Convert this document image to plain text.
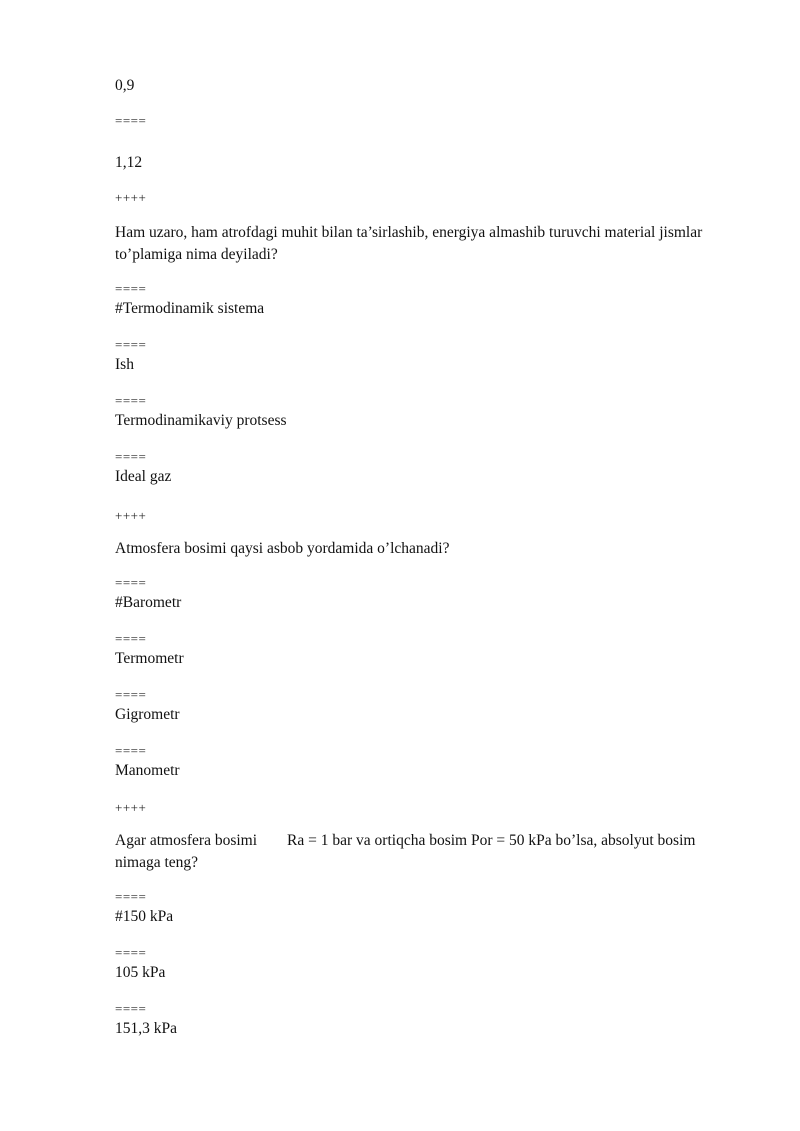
0,9

====

1,12

++++

Ham uzaro, ham atrofdagi muhit bilan ta’sirlashib, energiya almashib turuvchi material jismlar

to’plamiga nima deyiladi?

====

#Termodinamik sistema

====

Ish

====

Termodinamikaviy protsess

====

Ideal gaz

++++

Atmosfera bosimi qaysi asbob yordamida o’lchanadi?

====

#Barometr

====

Termometr

====

Gigrometr

====

Manometr

++++

Agar atmosfera bosimi Ra = 1 bar va ortiqcha bosim Por = 50 kPa bo’lsa, absolyut bosim

nimaga teng?

====

#150 kPa

====

105 kPa

====

151,3 kPa
